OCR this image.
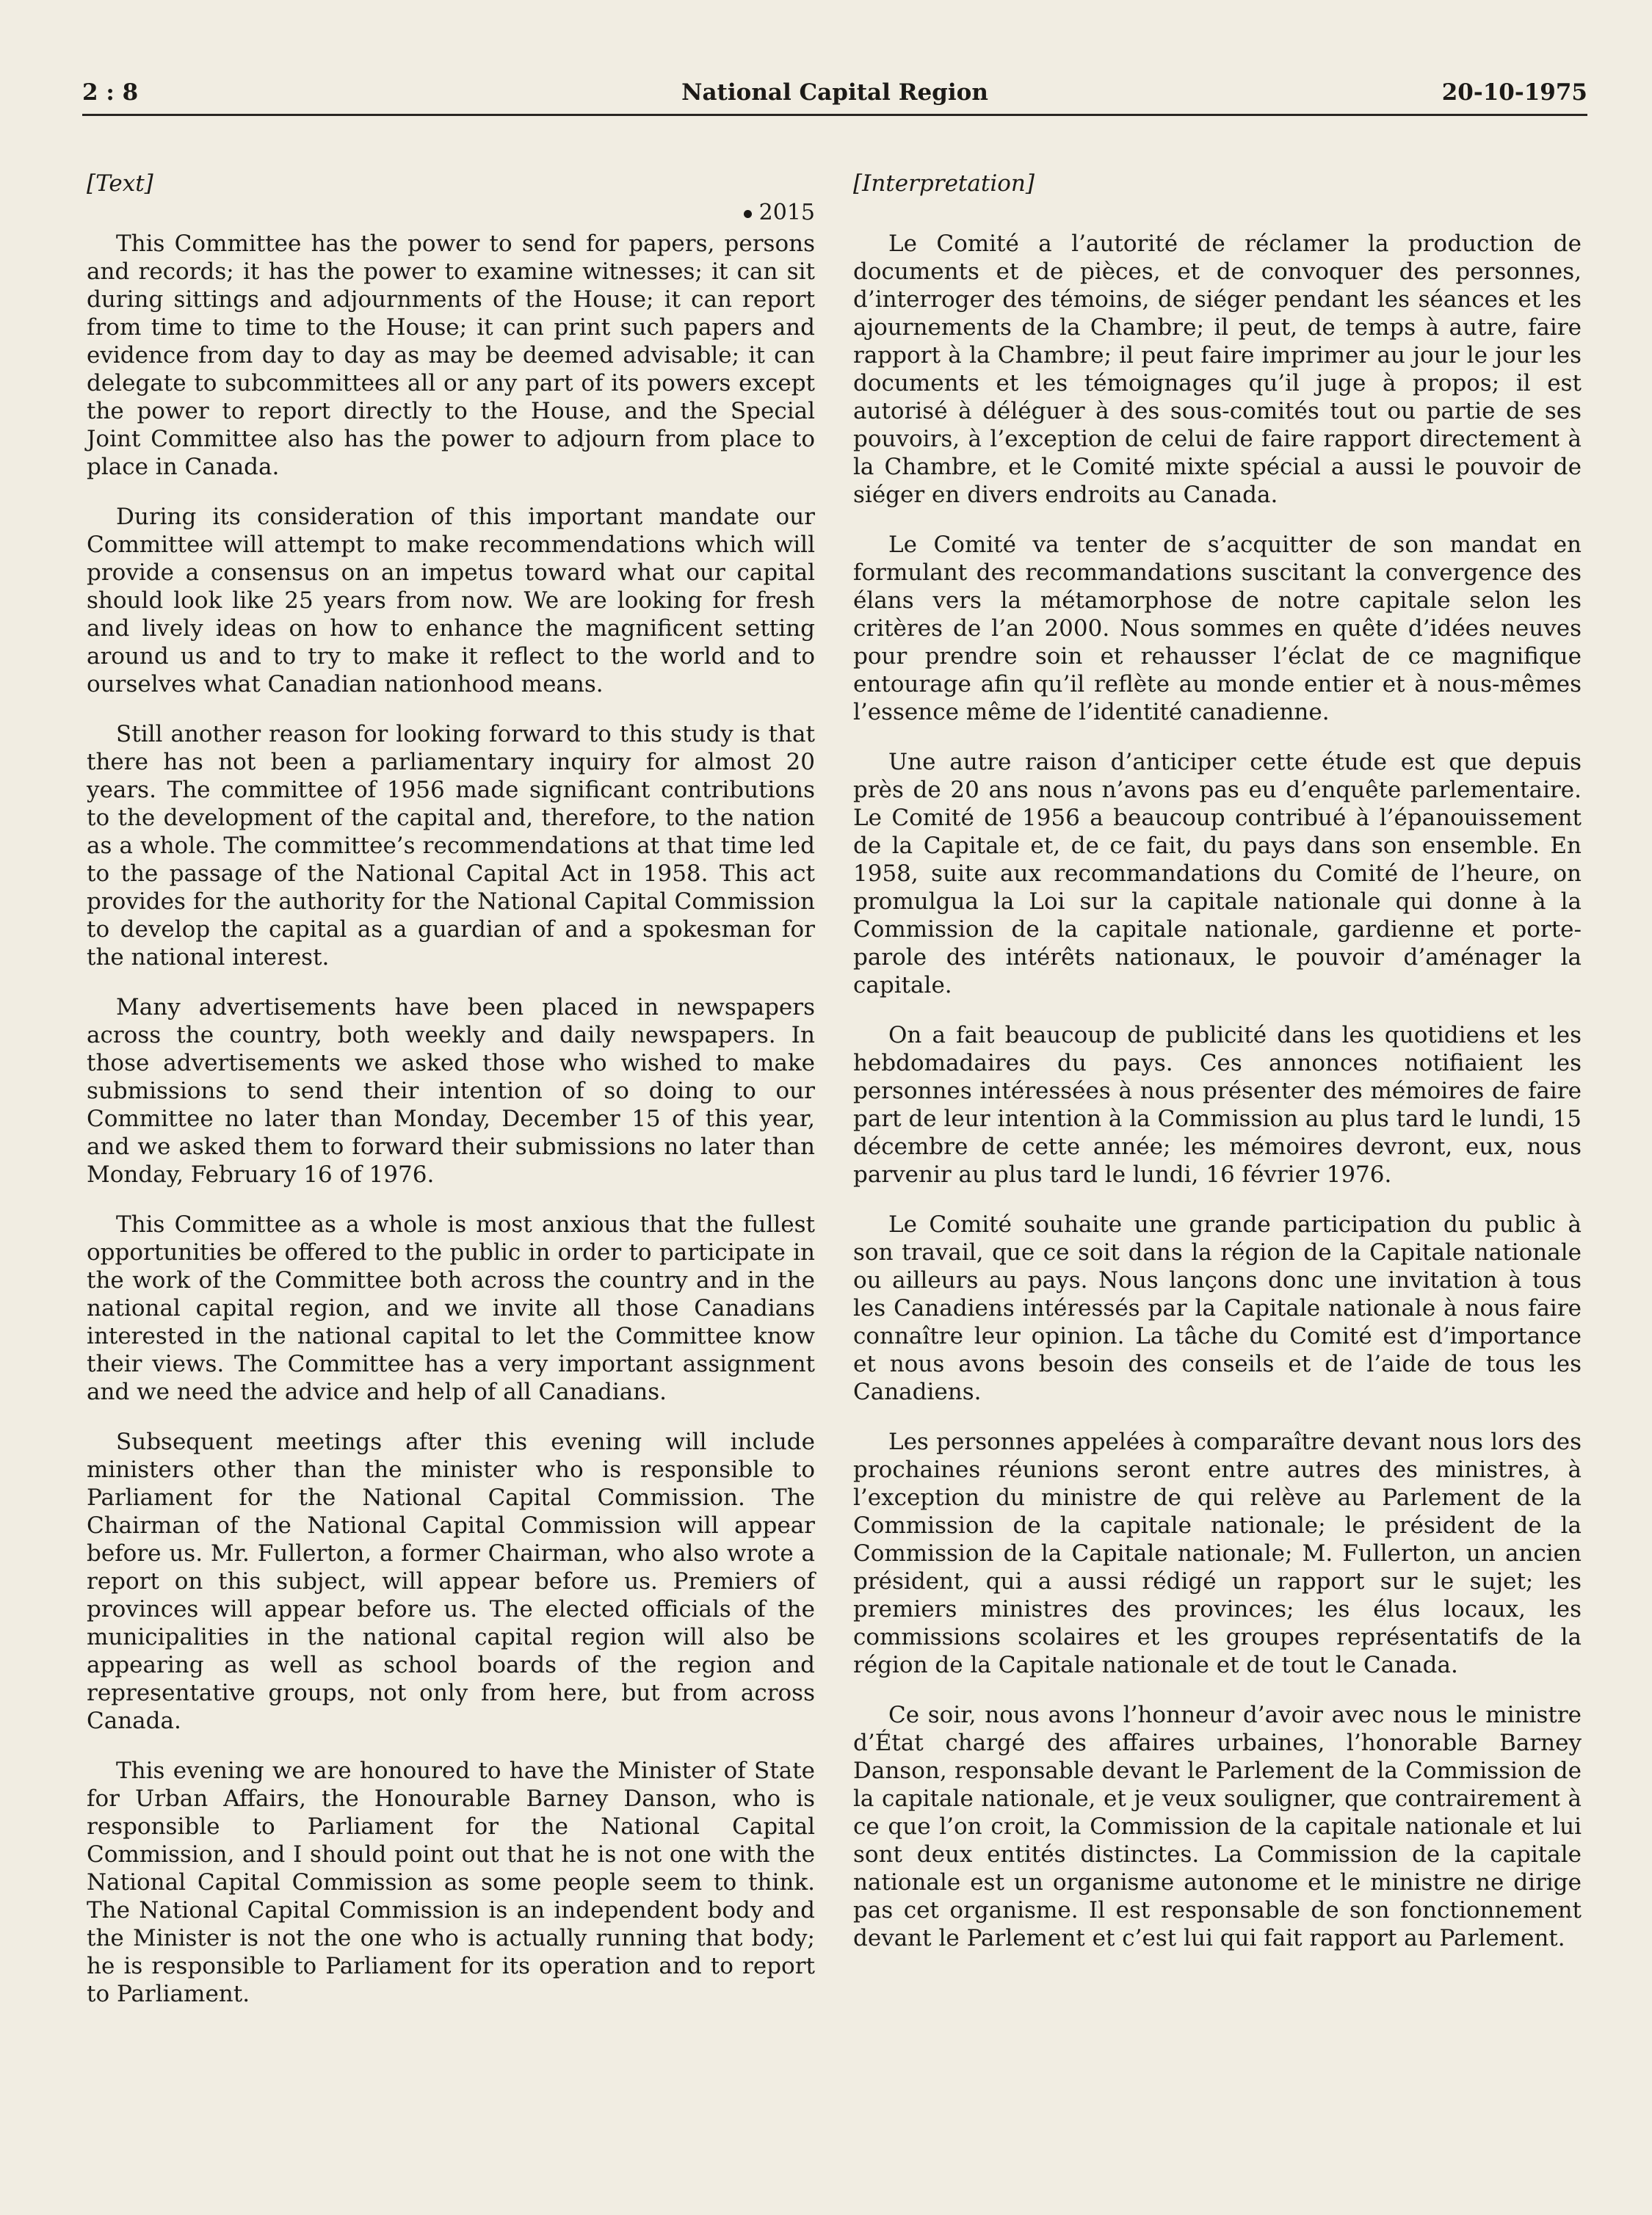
2 : 8	National Capital Region	20-10-1975

[Text]

2015

This Committee has the power to send for papers, persons and records; it has the power to examine witnesses; it can sit during sittings and adjournments of the House; it can report from time to time to the House; it can print such papers and evidence from day to day as may be deemed advisable; it can delegate to subcommittees all or any part of its powers except the power to report directly to the House, and the Special Joint Committee also has the power to adjourn from place to place in Canada.

During its consideration of this important mandate our Committee will attempt to make recommendations which will provide a consensus on an impetus toward what our capital should look like 25 years from now. We are looking for fresh and lively ideas on how to enhance the magnificent setting around us and to try to make it reflect to the world and to ourselves what Canadian nationhood means.

Still another reason for looking forward to this study is that there has not been a parliamentary inquiry for almost 20 years. The committee of 1956 made significant contributions to the development of the capital and, therefore, to the nation as a whole. The committee’s recommendations at that time led to the passage of the National Capital Act in 1958. This act provides for the authority for the National Capital Commission to develop the capital as a guardian of and a spokesman for the national interest.

Many advertisements have been placed in newspapers across the country, both weekly and daily newspapers. In those advertisements we asked those who wished to make submissions to send their intention of so doing to our Committee no later than Monday, December 15 of this year, and we asked them to forward their submissions no later than Monday, February 16 of 1976.

This Committee as a whole is most anxious that the fullest opportunities be offered to the public in order to participate in the work of the Committee both across the country and in the national capital region, and we invite all those Canadians interested in the national capital to let the Committee know their views. The Committee has a very important assignment and we need the advice and help of all Canadians.

Subsequent meetings after this evening will include ministers other than the minister who is responsible to Parliament for the National Capital Commission. The Chairman of the National Capital Commission will appear before us. Mr. Fullerton, a former Chairman, who also wrote a report on this subject, will appear before us. Premiers of provinces will appear before us. The elected officials of the municipalities in the national capital region will also be appearing as well as school boards of the region and representative groups, not only from here, but from across Canada.

This evening we are honoured to have the Minister of State for Urban Affairs, the Honourable Barney Danson, who is responsible to Parliament for the National Capital Commission, and I should point out that he is not one with the National Capital Commission as some people seem to think. The National Capital Commission is an independent body and the Minister is not the one who is actually running that body; he is responsible to Parliament for its operation and to report to Parliament.

[Interpretation]

Le Comité a l’autorité de réclamer la production de documents et de pièces, et de convoquer des personnes, d’interroger des témoins, de siéger pendant les séances et les ajournements de la Chambre; il peut, de temps à autre, faire rapport à la Chambre; il peut faire imprimer au jour le jour les documents et les témoignages qu’il juge à propos; il est autorisé à déléguer à des sous-comités tout ou partie de ses pouvoirs, à l’exception de celui de faire rapport directement à la Chambre, et le Comité mixte spécial a aussi le pouvoir de siéger en divers endroits au Canada.

Le Comité va tenter de s’acquitter de son mandat en formulant des recommandations suscitant la convergence des élans vers la métamorphose de notre capitale selon les critères de l’an 2000. Nous sommes en quête d’idées neuves pour prendre soin et rehausser l’éclat de ce magnifique entourage afin qu’il reflète au monde entier et à nous-mêmes l’essence même de l’identité canadienne.

Une autre raison d’anticiper cette étude est que depuis près de 20 ans nous n’avons pas eu d’enquête parlementaire. Le Comité de 1956 a beaucoup contribué à l’épanouissement de la Capitale et, de ce fait, du pays dans son ensemble. En 1958, suite aux recommandations du Comité de l’heure, on promulgua la Loi sur la capitale nationale qui donne à la Commission de la capitale nationale, gardienne et porte-parole des intérêts nationaux, le pouvoir d’aménager la capitale.

On a fait beaucoup de publicité dans les quotidiens et les hebdomadaires du pays. Ces annonces notifiaient les personnes intéressées à nous présenter des mémoires de faire part de leur intention à la Commission au plus tard le lundi, 15 décembre de cette année; les mémoires devront, eux, nous parvenir au plus tard le lundi, 16 février 1976.

Le Comité souhaite une grande participation du public à son travail, que ce soit dans la région de la Capitale nationale ou ailleurs au pays. Nous lançons donc une invitation à tous les Canadiens intéressés par la Capitale nationale à nous faire connaître leur opinion. La tâche du Comité est d’importance et nous avons besoin des conseils et de l’aide de tous les Canadiens.

Les personnes appelées à comparaître devant nous lors des prochaines réunions seront entre autres des ministres, à l’exception du ministre de qui relève au Parlement de la Commission de la capitale nationale; le président de la Commission de la Capitale nationale; M. Fullerton, un ancien président, qui a aussi rédigé un rapport sur le sujet; les premiers ministres des provinces; les élus locaux, les commissions scolaires et les groupes représentatifs de la région de la Capitale nationale et de tout le Canada.

Ce soir, nous avons l’honneur d’avoir avec nous le ministre d’État chargé des affaires urbaines, l’honorable Barney Danson, responsable devant le Parlement de la Commission de la capitale nationale, et je veux souligner, que contrairement à ce que l’on croit, la Commission de la capitale nationale et lui sont deux entités distinctes. La Commission de la capitale nationale est un organisme autonome et le ministre ne dirige pas cet organisme. Il est responsable de son fonctionnement devant le Parlement et c’est lui qui fait rapport au Parlement.
